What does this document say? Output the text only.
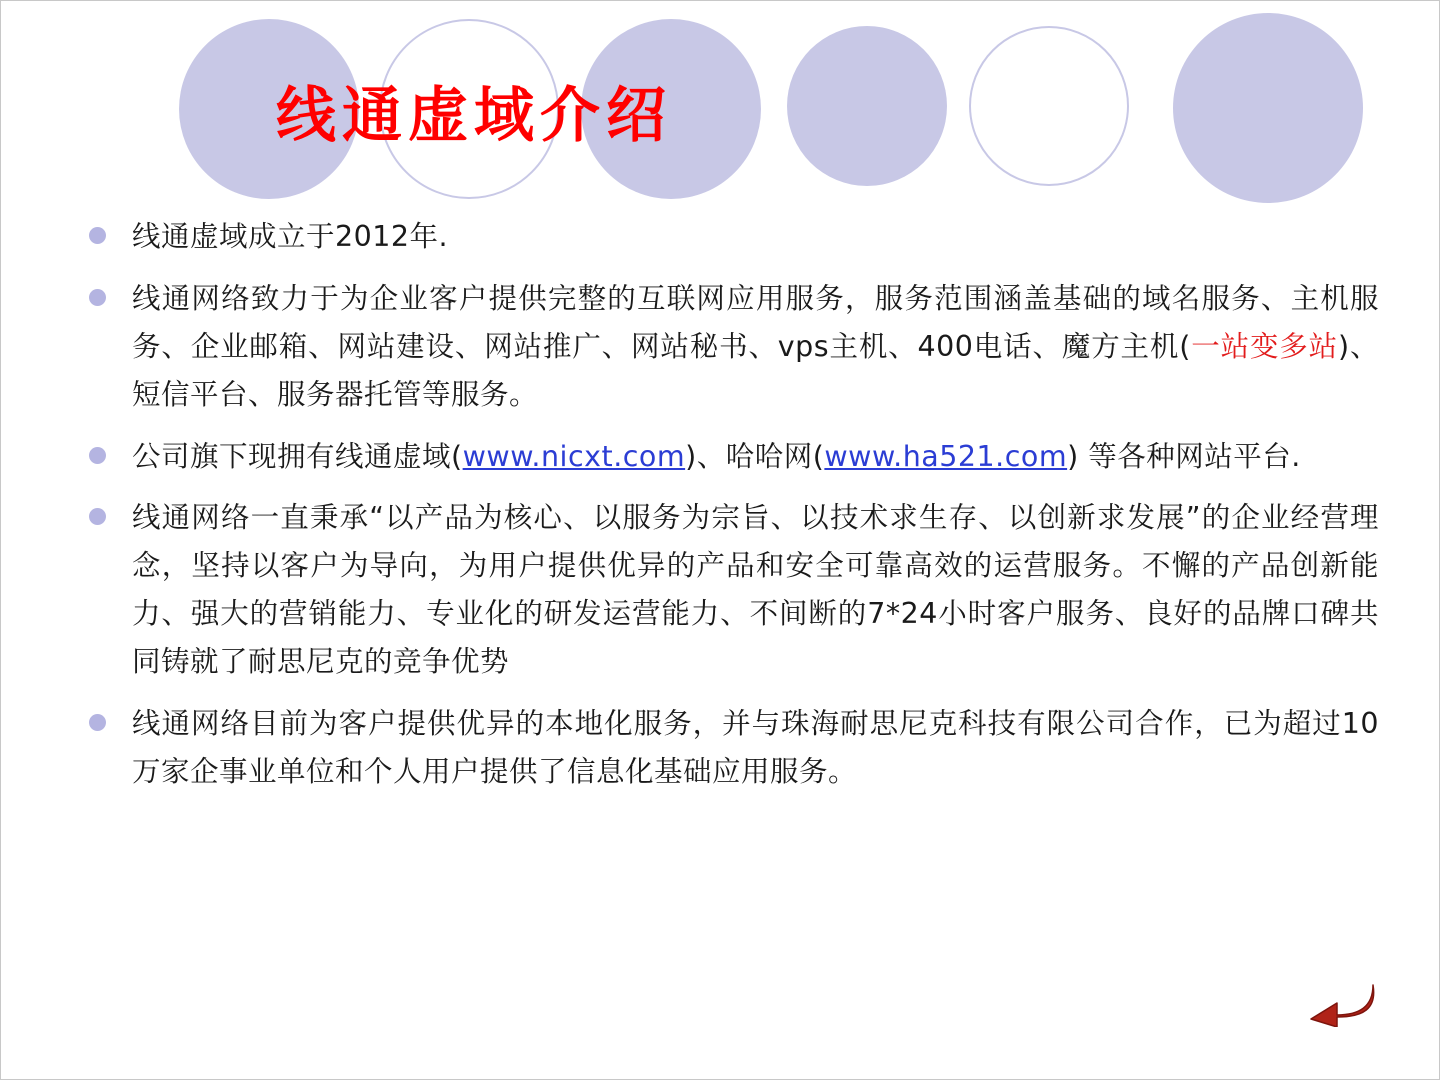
线通虚域介绍
线通虚域成立于2012年.
线通网络致力于为企业客户提供完整的互联网应用服务，服务范围涵盖基础的域名服务、主机服务、企业邮箱、网站建设、网站推广、网站秘书、vps主机、400电话、魔方主机(一站变多站)、短信平台、服务器托管等服务。
公司旗下现拥有线通虚域(www.nicxt.com)、哈哈网(www.ha521.com) 等各种网站平台.
线通网络一直秉承“以产品为核心、以服务为宗旨、以技术求生存、以创新求发展”的企业经营理念，坚持以客户为导向，为用户提供优异的产品和安全可靠高效的运营服务。不懈的产品创新能力、强大的营销能力、专业化的研发运营能力、不间断的7*24小时客户服务、良好的品牌口碑共同铸就了耐思尼克的竞争优势
线通网络目前为客户提供优异的本地化服务，并与珠海耐思尼克科技有限公司合作，已为超过10万家企事业单位和个人用户提供了信息化基础应用服务。
